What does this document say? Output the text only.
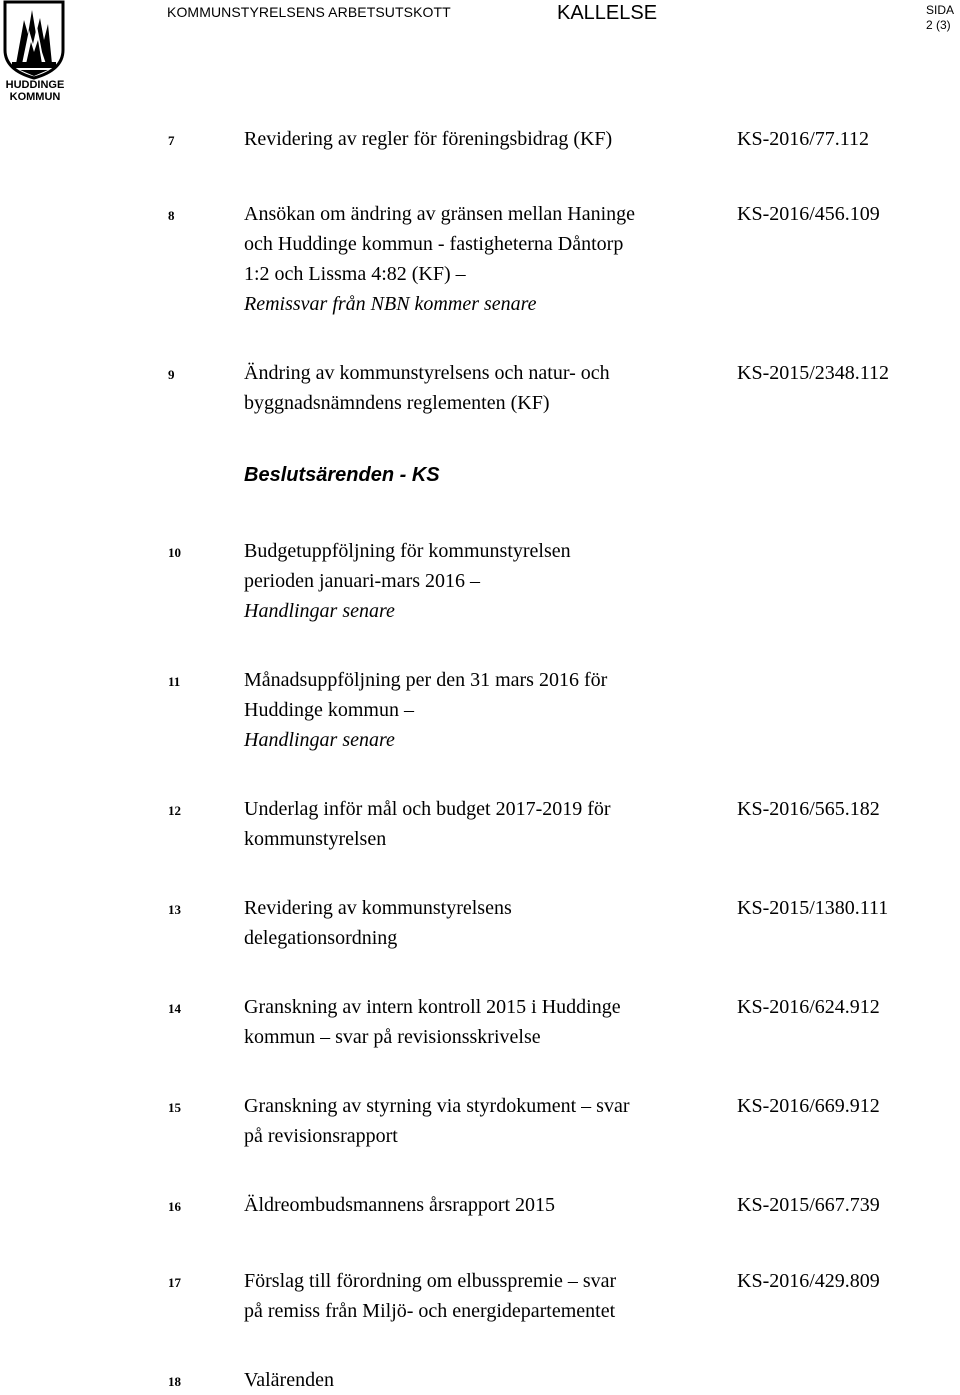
HUDDINGE
KOMMUN
KOMMUNSTYRELSENS ARBETSUTSKOTT	KALLELSE	SIDA
2 (3)
Beslutsärenden - KS
7	Revidering av regler för föreningsbidrag (KF)	KS-2016/77.112
8	Ansökan om ändring av gränsen mellan Haninge
och Huddinge kommun - fastigheterna Dåntorp
1:2 och Lissma 4:82 (KF) –
Remissvar från NBN kommer senare
KS-2016/456.109
9	Ändring av kommunstyrelsens och natur- och
byggnadsnämndens reglementen (KF)
KS-2015/2348.112
10	Budgetuppföljning för kommunstyrelsen
perioden januari-mars 2016 –
Handlingar senare
11	Månadsuppföljning per den 31 mars 2016 för
Huddinge kommun –
Handlingar senare
12	Underlag inför mål och budget 2017-2019 för
kommunstyrelsen
KS-2016/565.182
13	Revidering av kommunstyrelsens
delegationsordning
KS-2015/1380.111
14	Granskning av intern kontroll 2015 i Huddinge
kommun – svar på revisionsskrivelse
KS-2016/624.912
15	Granskning av styrning via styrdokument – svar
på revisionsrapport
KS-2016/669.912
16	Äldreombudsmannens årsrapport 2015	KS-2015/667.739
17	Förslag till förordning om elbusspremie – svar
på remiss från Miljö- och energidepartementet
KS-2016/429.809
18	Valärenden
